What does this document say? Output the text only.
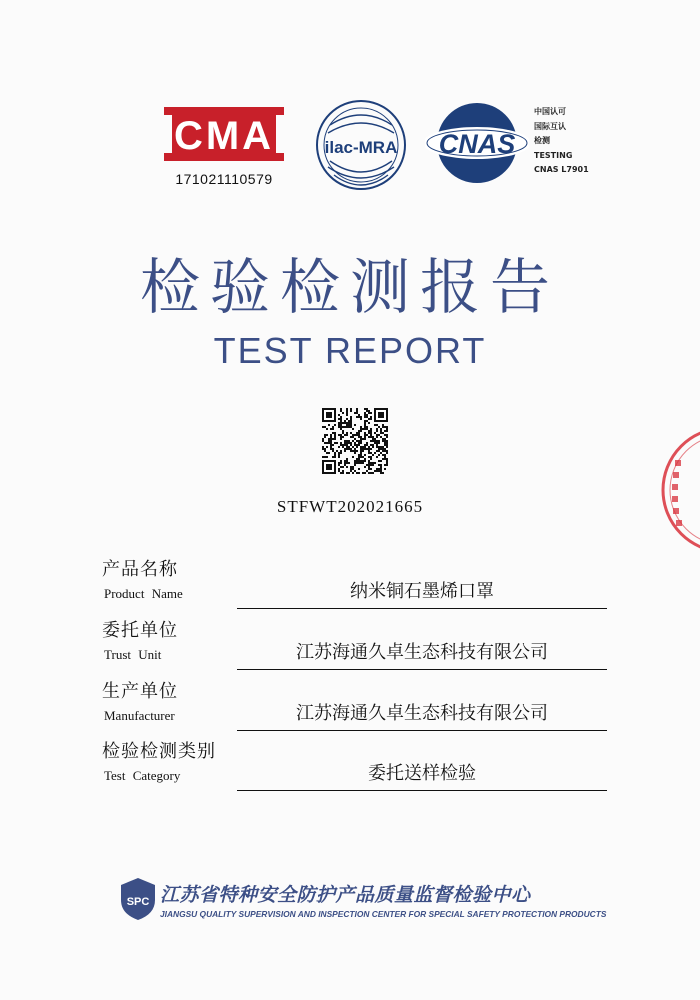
CMA
171021110579
ilac-MRA CNAS
中国认可
国际互认
检测
TESTING
CNAS L7901
检验检测报告
TEST REPORT
STFWT202021665
产品名称
Product Name	纳米铜石墨烯口罩
委托单位
Trust Unit	江苏海通久卓生态科技有限公司
生产单位
Manufacturer	江苏海通久卓生态科技有限公司
检验检测类别
Test Category	委托送样检验
SPC 江苏省特种安全防护产品质量监督检验中心
JIANGSU QUALITY SUPERVISION AND INSPECTION CENTER FOR SPECIAL SAFETY PROTECTION PRODUCTS
